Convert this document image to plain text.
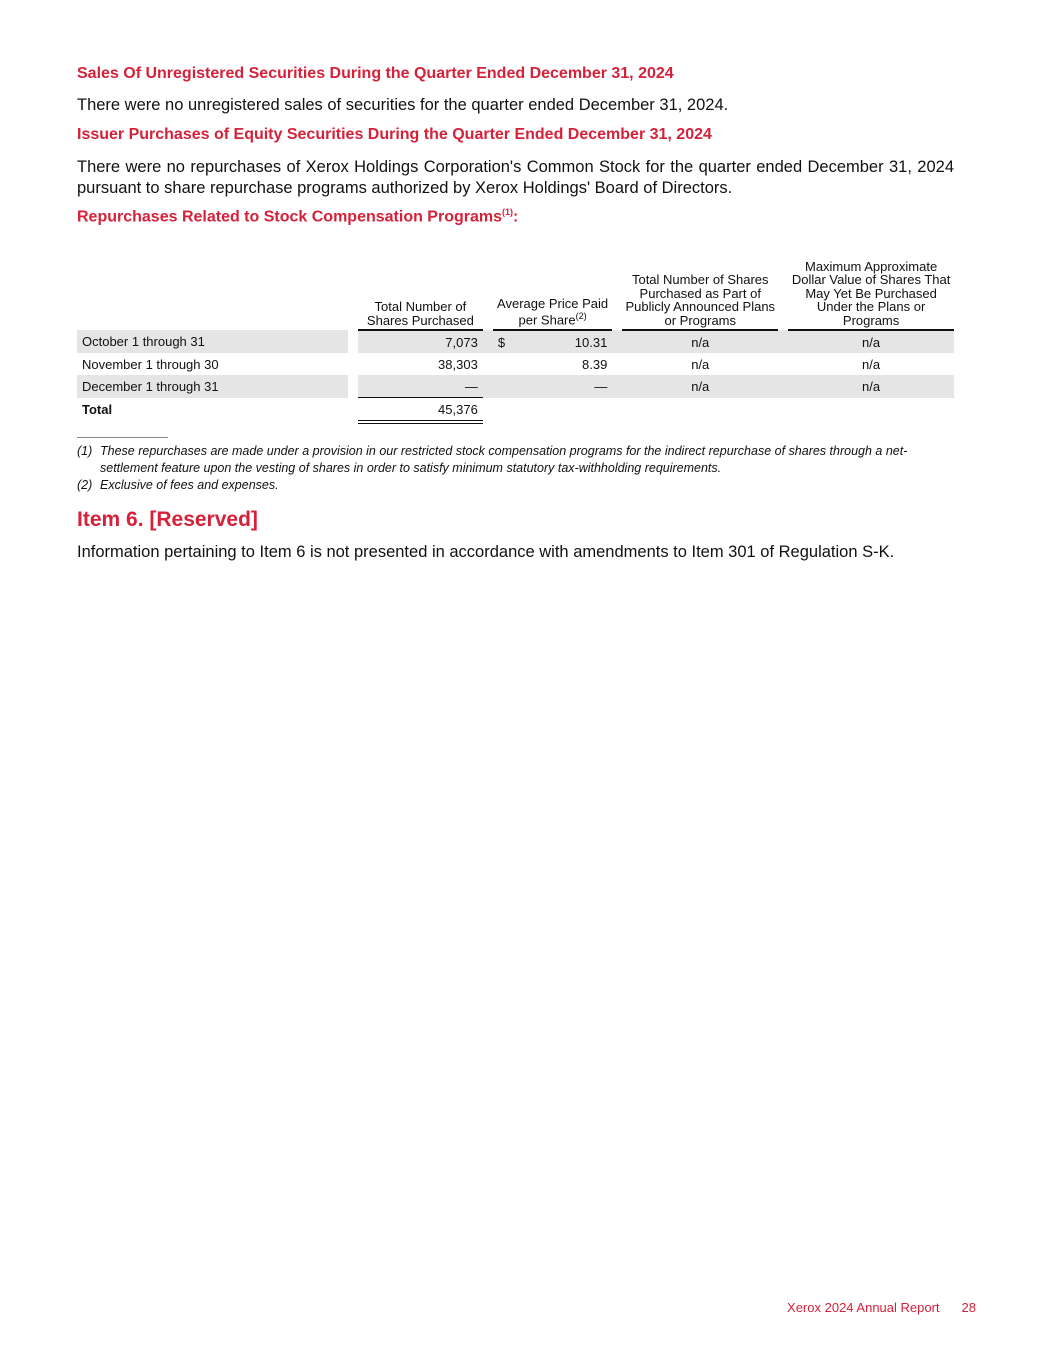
Sales Of Unregistered Securities During the Quarter Ended December 31, 2024
There were no unregistered sales of securities for the quarter ended December 31, 2024.
Issuer Purchases of Equity Securities During the Quarter Ended December 31, 2024
There were no repurchases of Xerox Holdings Corporation's Common Stock for the quarter ended December 31, 2024 pursuant to share repurchase programs authorized by Xerox Holdings' Board of Directors.
Repurchases Related to Stock Compensation Programs$^{(1)}$:
		Total Number of Shares Purchased		Average Price Paid per Share$^{(2)}$		Total Number of Shares Purchased as Part of Publicly Announced Plans or Programs		Maximum Approximate Dollar Value of Shares That May Yet Be Purchased Under the Plans or Programs
October 1 through 31		7,073		$ 10.31		n/a		n/a
November 1 through 30		38,303		8.39		n/a		n/a
December 1 through 31		—		—		n/a		n/a
Total		45,376						
(1) These repurchases are made under a provision in our restricted stock compensation programs for the indirect repurchase of shares through a net-settlement feature upon the vesting of shares in order to satisfy minimum statutory tax-withholding requirements.
(2) Exclusive of fees and expenses.
Item 6. [Reserved]
Information pertaining to Item 6 is not presented in accordance with amendments to Item 301 of Regulation S-K.
Xerox 2024 Annual Report 28
